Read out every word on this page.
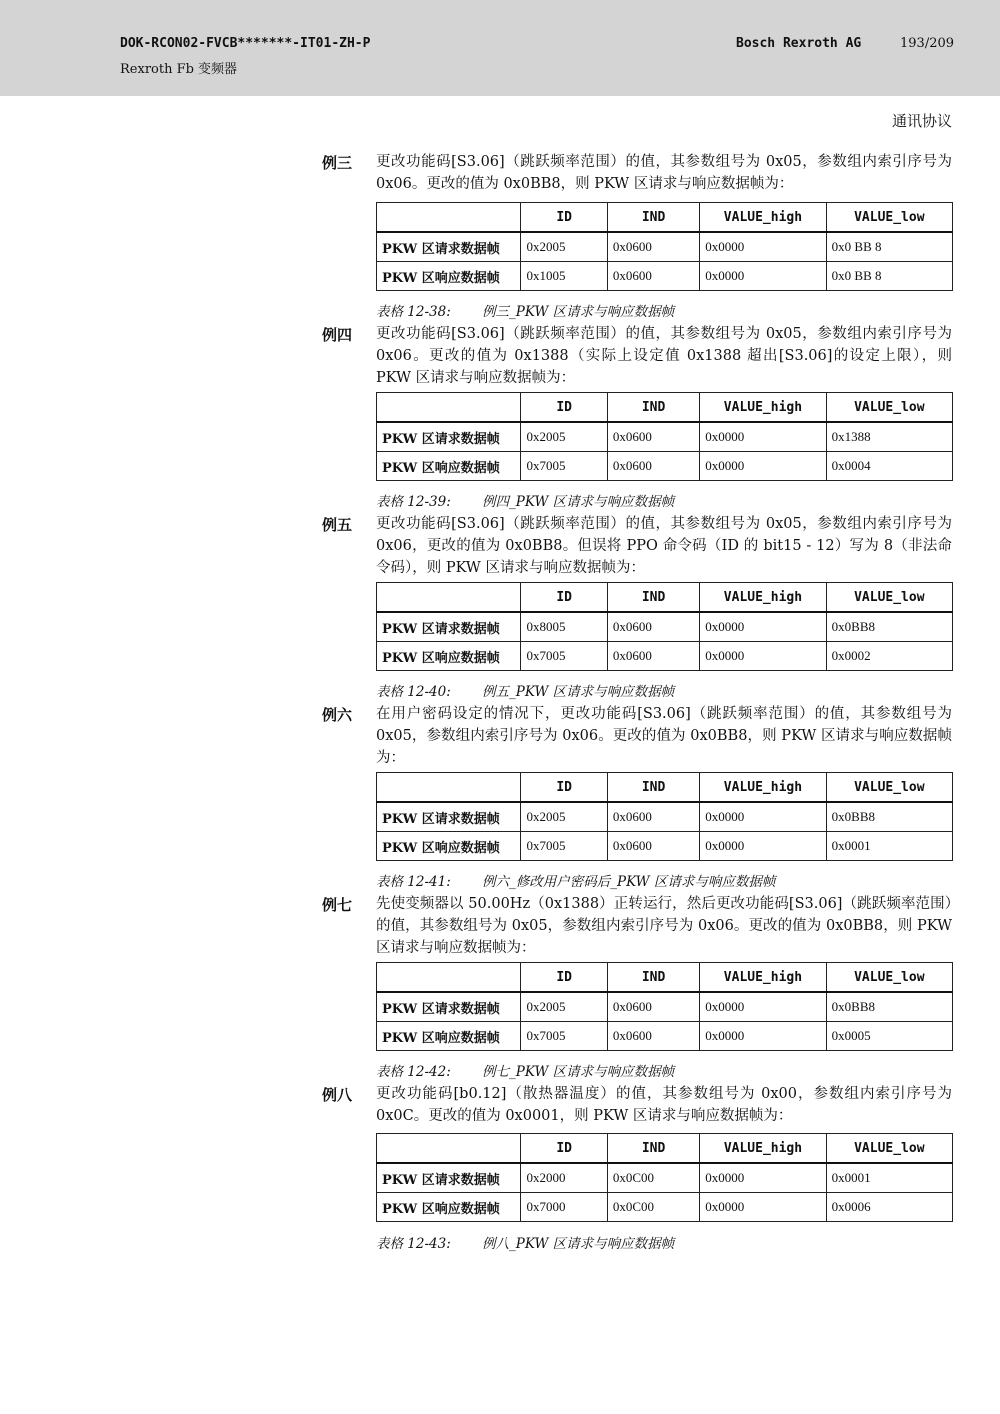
DOK-RCON02-FVCB*******-IT01-ZH-P
Rexroth Fb 变频器
Bosch Rexroth AG	193/209
通讯协议
例三 更改功能码[S3.06]（跳跃频率范围）的值，其参数组号为 0x05，参数组内索引序号为 0x06。更改的值为 0x0BB8，则 PKW 区请求与响应数据帧为：
	ID	IND	VALUE_high	VALUE_low
PKW 区请求数据帧	0x2005	0x0600	0x0000	0x0 BB 8
PKW 区响应数据帧	0x1005	0x0600	0x0000	0x0 BB 8
表格 12-38: 例三_PKW 区请求与响应数据帧
例四 更改功能码[S3.06]（跳跃频率范围）的值，其参数组号为 0x05，参数组内索引序号为 0x06。更改的值为 0x1388（实际上设定值 0x1388 超出[S3.06]的设定上限），则 PKW 区请求与响应数据帧为：
	ID	IND	VALUE_high	VALUE_low
PKW 区请求数据帧	0x2005	0x0600	0x0000	0x1388
PKW 区响应数据帧	0x7005	0x0600	0x0000	0x0004
表格 12-39: 例四_PKW 区请求与响应数据帧
例五 更改功能码[S3.06]（跳跃频率范围）的值，其参数组号为 0x05，参数组内索引序号为 0x06，更改的值为 0x0BB8。但误将 PPO 命令码（ID 的 bit15 - 12）写为 8（非法命令码），则 PKW 区请求与响应数据帧为：
	ID	IND	VALUE_high	VALUE_low
PKW 区请求数据帧	0x8005	0x0600	0x0000	0x0BB8
PKW 区响应数据帧	0x7005	0x0600	0x0000	0x0002
表格 12-40: 例五_PKW 区请求与响应数据帧
例六 在用户密码设定的情况下，更改功能码[S3.06]（跳跃频率范围）的值，其参数组号为 0x05，参数组内索引序号为 0x06。更改的值为 0x0BB8，则 PKW 区请求与响应数据帧为：
	ID	IND	VALUE_high	VALUE_low
PKW 区请求数据帧	0x2005	0x0600	0x0000	0x0BB8
PKW 区响应数据帧	0x7005	0x0600	0x0000	0x0001
表格 12-41: 例六_修改用户密码后_PKW 区请求与响应数据帧
例七 先使变频器以 50.00Hz（0x1388）正转运行，然后更改功能码[S3.06]（跳跃频率范围）的值，其参数组号为 0x05，参数组内索引序号为 0x06。更改的值为 0x0BB8，则 PKW 区请求与响应数据帧为：
	ID	IND	VALUE_high	VALUE_low
PKW 区请求数据帧	0x2005	0x0600	0x0000	0x0BB8
PKW 区响应数据帧	0x7005	0x0600	0x0000	0x0005
表格 12-42: 例七_PKW 区请求与响应数据帧
例八 更改功能码[b0.12]（散热器温度）的值，其参数组号为 0x00，参数组内索引序号为 0x0C。更改的值为 0x0001，则 PKW 区请求与响应数据帧为：
	ID	IND	VALUE_high	VALUE_low
PKW 区请求数据帧	0x2000	0x0C00	0x0000	0x0001
PKW 区响应数据帧	0x7000	0x0C00	0x0000	0x0006
表格 12-43: 例八_PKW 区请求与响应数据帧
